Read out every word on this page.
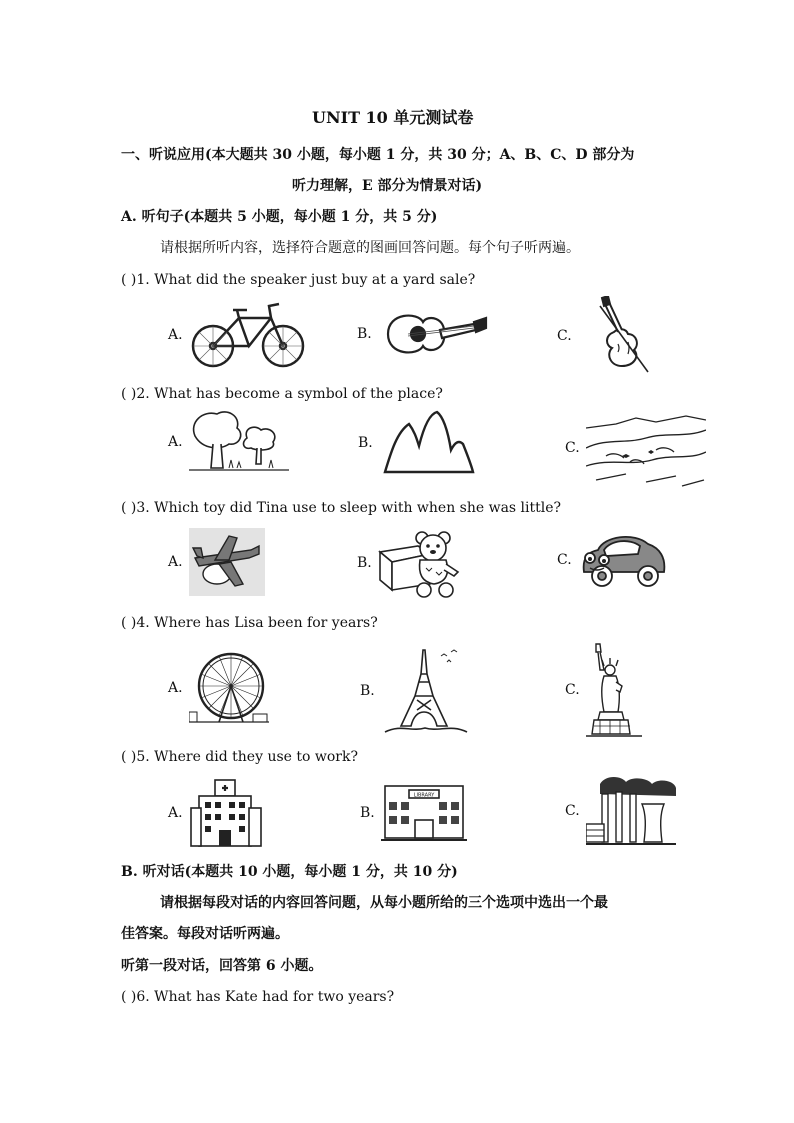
UNIT 10 单元测试卷
一、听说应用(本大题共 30 小题，每小题 1 分，共 30 分；A、B、C、D 部分为
听力理解，E 部分为情景对话)
A. 听句子(本题共 5 小题，每小题 1 分，共 5 分)
请根据所听内容，选择符合题意的图画回答问题。每个句子听两遍。
( )1. What did the speaker just buy at a yard sale?
A.	B.	C.
( )2. What has become a symbol of the place?
A.	B.	C.
( )3. Which toy did Tina use to sleep with when she was little?
A.	B.	C.
( )4. Where has Lisa been for years?
A.	B.	C.
( )5. Where did they use to work?
A.	B.
LIBRARY
C.
B. 听对话(本题共 10 小题，每小题 1 分，共 10 分)
请根据每段对话的内容回答问题，从每小题所给的三个选项中选出一个最
佳答案。每段对话听两遍。
听第一段对话，回答第 6 小题。
( )6. What has Kate had for two years?
